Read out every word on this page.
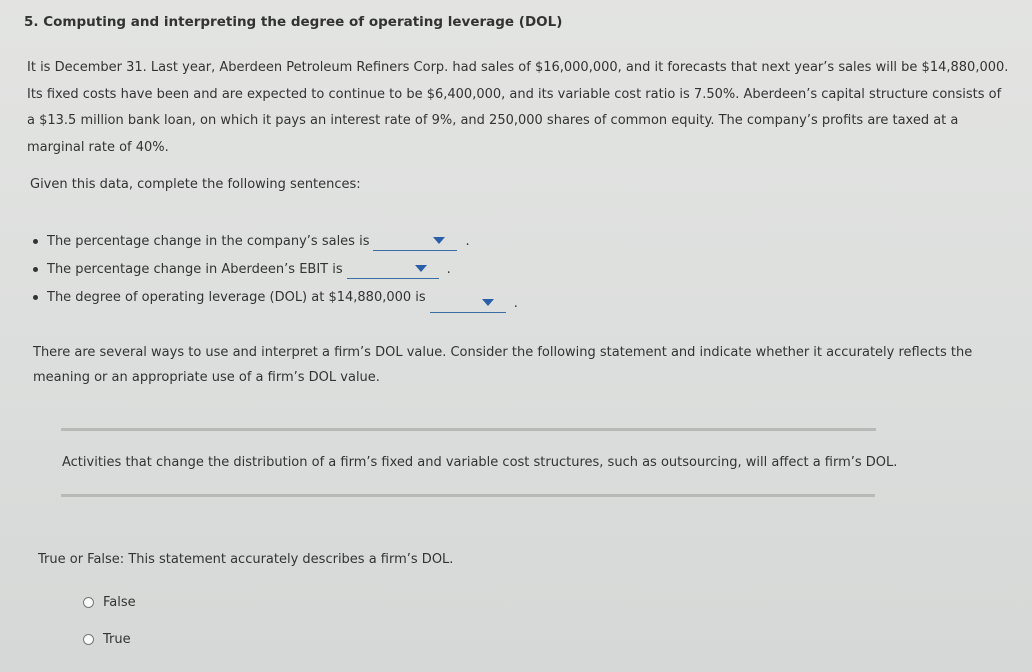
5. Computing and interpreting the degree of operating leverage (DOL)
It is December 31. Last year, Aberdeen Petroleum Refiners Corp. had sales of $16,000,000, and it forecasts that next year’s sales will be $14,880,000.
Its fixed costs have been and are expected to continue to be $6,400,000, and its variable cost ratio is 7.50%. Aberdeen’s capital structure consists of
a $13.5 million bank loan, on which it pays an interest rate of 9%, and 250,000 shares of common equity. The company’s profits are taxed at a
marginal rate of 40%.
Given this data, complete the following sentences:
The percentage change in the company’s sales is	.
The percentage change in Aberdeen’s EBIT is	.
The degree of operating leverage (DOL) at $14,880,000 is	.
There are several ways to use and interpret a firm’s DOL value. Consider the following statement and indicate whether it accurately reflects the
meaning or an appropriate use of a firm’s DOL value.
Activities that change the distribution of a firm’s fixed and variable cost structures, such as outsourcing, will affect a firm’s DOL.
True or False: This statement accurately describes a firm’s DOL.
False
True
